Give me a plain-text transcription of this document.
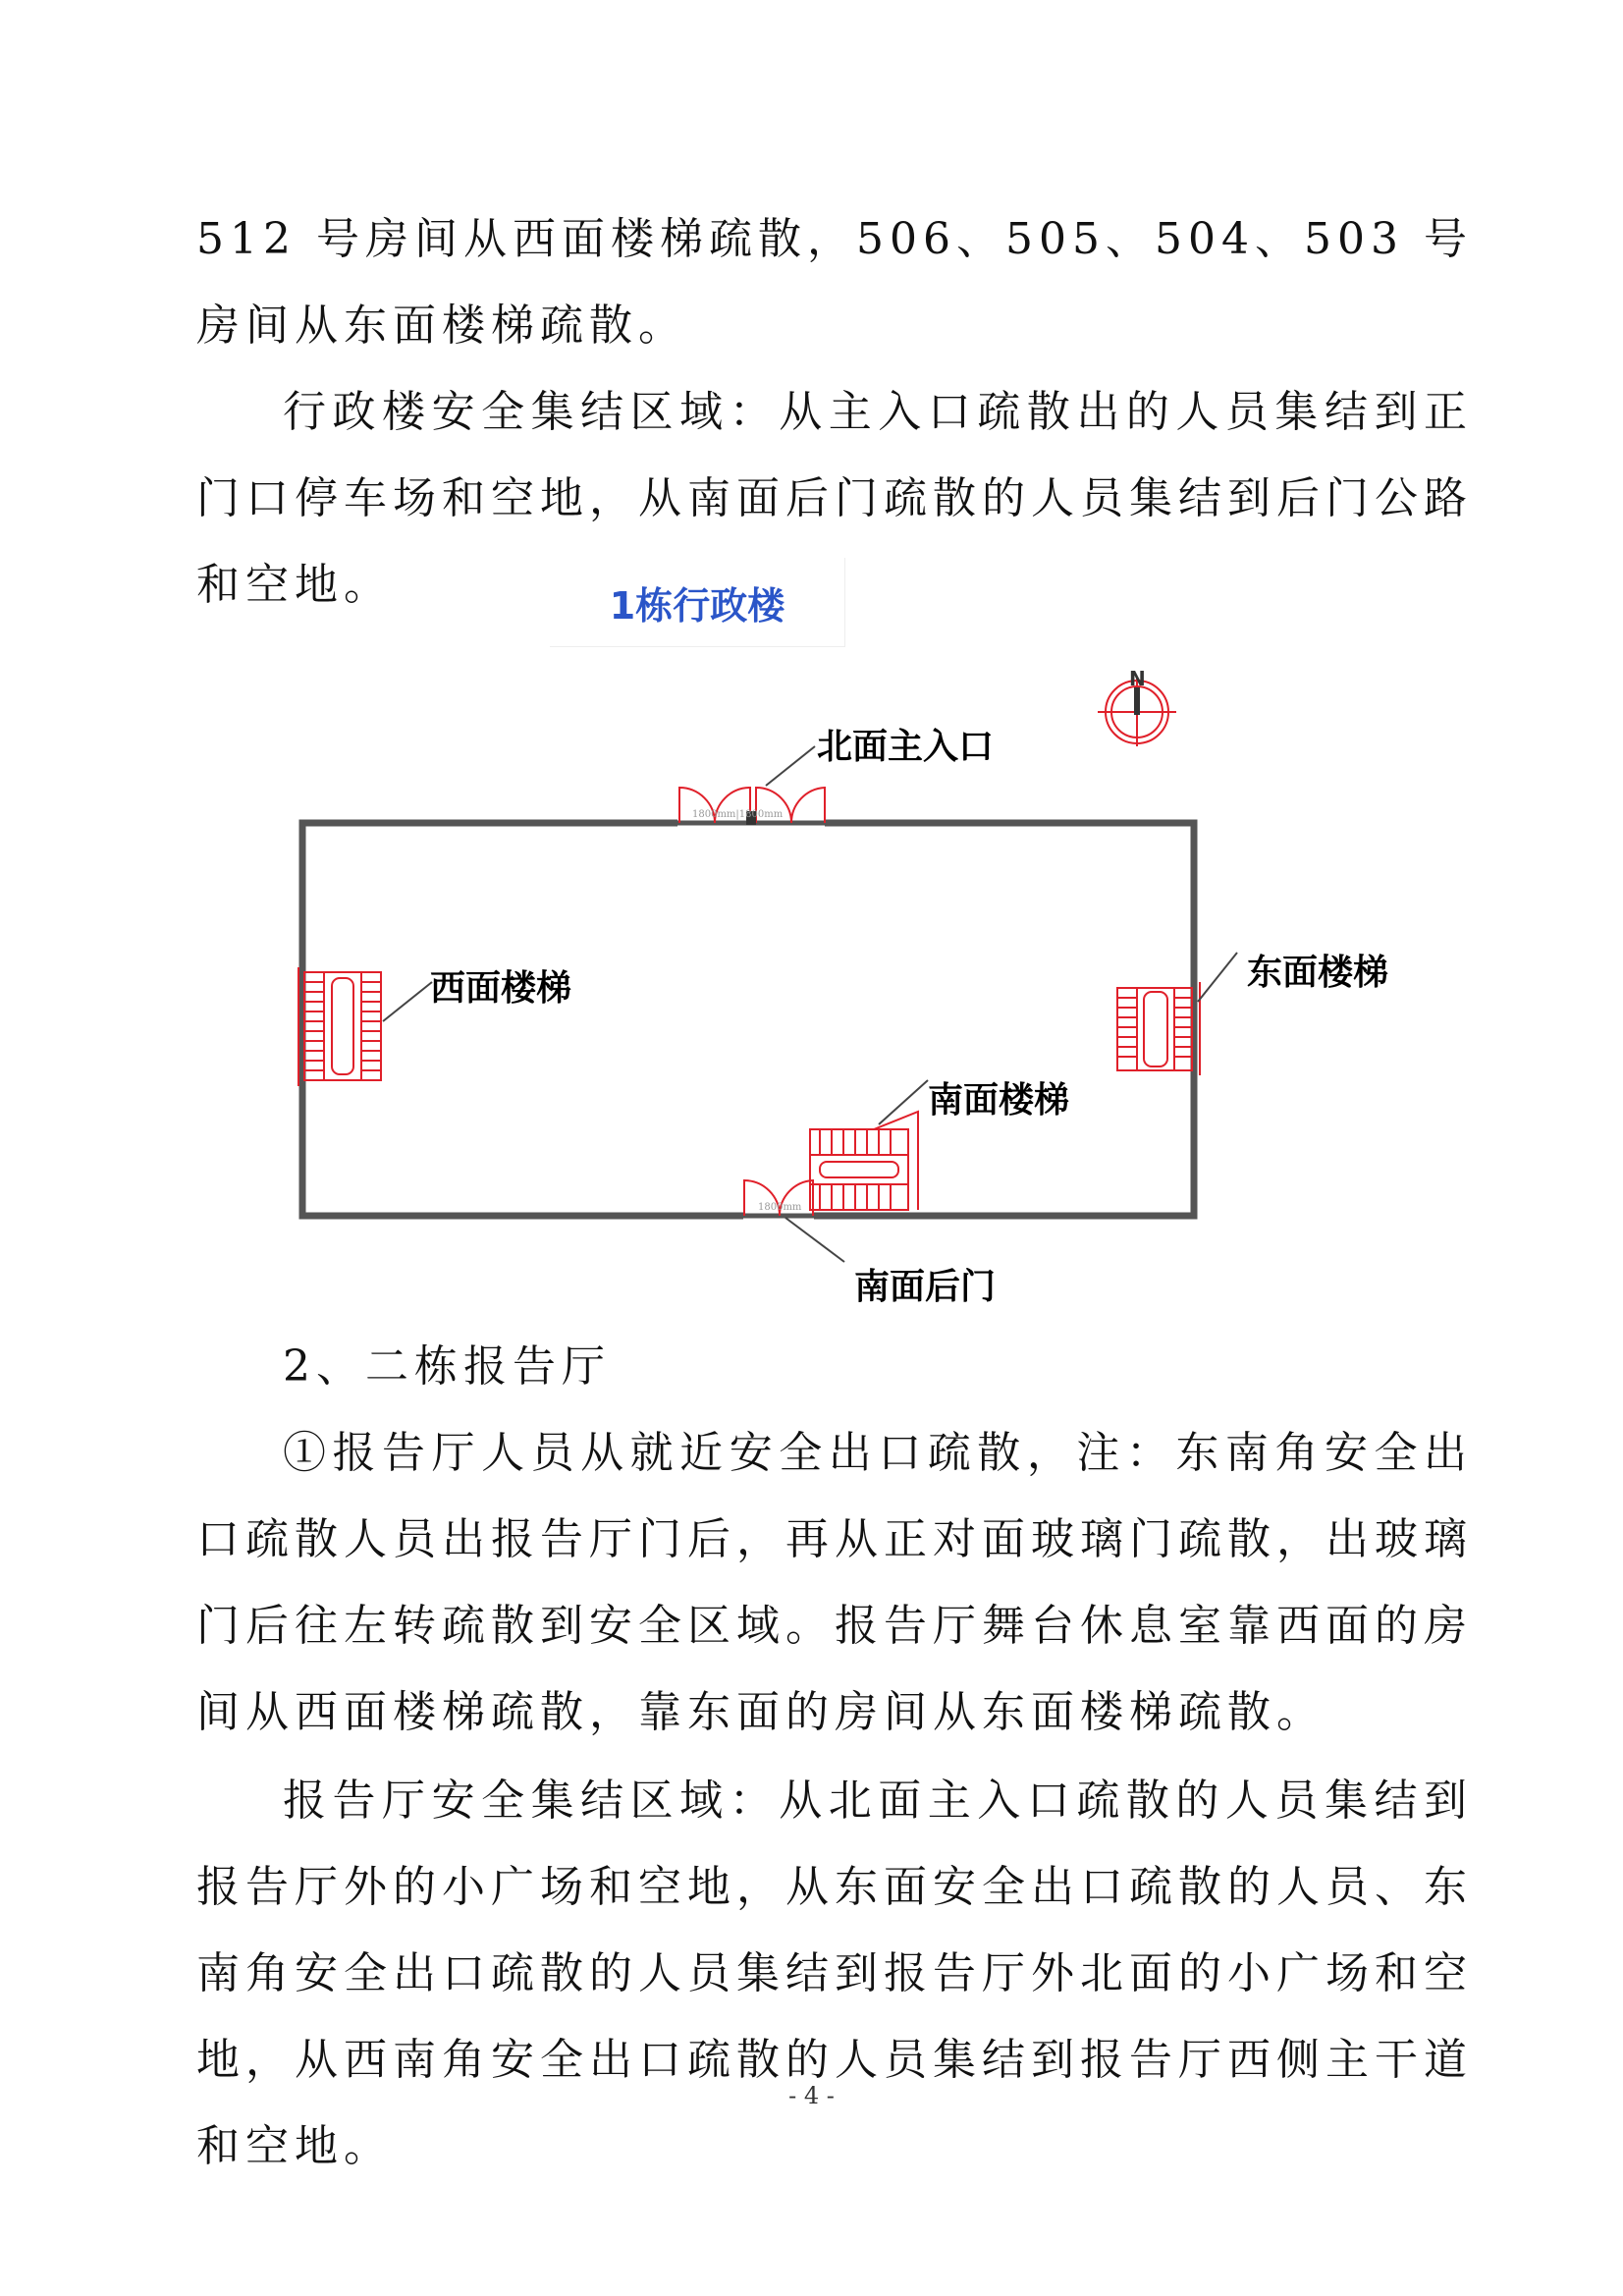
512 号房间从西面楼梯疏散，506、505、504、503 号房间从东面楼梯疏散。

行政楼安全集结区域：从主入口疏散出的人员集结到正门口停车场和空地，从南面后门疏散的人员集结到后门公路和空地。	1栋行政楼
1800mm|1800mm
1800mm
N
北面主入口
西面楼梯	东面楼梯
南面楼梯
南面后门

2、二栋报告厅

①报告厅人员从就近安全出口疏散，注：东南角安全出口疏散人员出报告厅门后，再从正对面玻璃门疏散，出玻璃门后往左转疏散到安全区域。报告厅舞台休息室靠西面的房间从西面楼梯疏散，靠东面的房间从东面楼梯疏散。

报告厅安全集结区域：从北面主入口疏散的人员集结到报告厅外的小广场和空地，从东面安全出口疏散的人员、东南角安全出口疏散的人员集结到报告厅外北面的小广场和空地，从西南角安全出口疏散的人员集结到报告厅西侧主干道和空地。

- 4 -
